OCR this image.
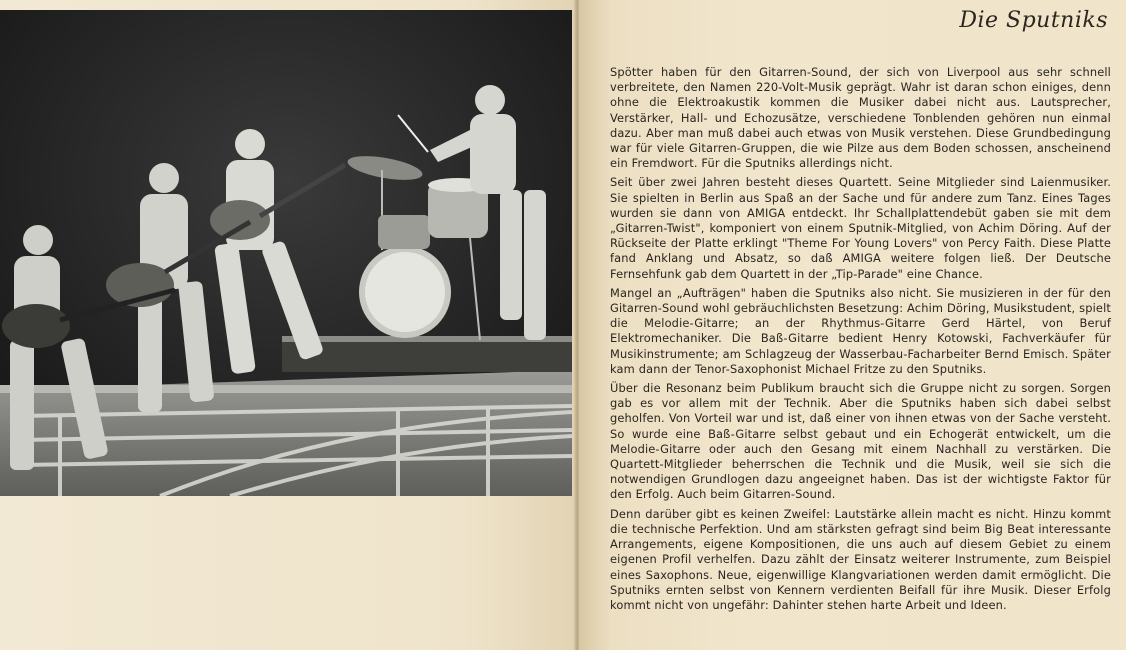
Die Sputniks

Spötter haben für den Gitarren-Sound, der sich von Liverpool aus sehr schnell verbreitete, den Namen 220-Volt-Musik geprägt. Wahr ist daran schon einiges, denn ohne die Elektroakustik kommen die Musiker dabei nicht aus. Lautsprecher, Verstärker, Hall- und Echozusätze, verschiedene Tonblenden gehören nun einmal dazu. Aber man muß dabei auch etwas von Musik verstehen. Diese Grundbedingung war für viele Gitarren-Gruppen, die wie Pilze aus dem Boden schossen, anscheinend ein Fremdwort. Für die Sputniks allerdings nicht.

Seit über zwei Jahren besteht dieses Quartett. Seine Mitglieder sind Laienmusiker. Sie spielten in Berlin aus Spaß an der Sache und für andere zum Tanz. Eines Tages wurden sie dann von AMIGA entdeckt. Ihr Schallplattendebüt gaben sie mit dem „Gitarren-Twist", komponiert von einem Sputnik-Mitglied, von Achim Döring. Auf der Rückseite der Platte erklingt "Theme For Young Lovers" von Percy Faith. Diese Platte fand Anklang und Absatz, so daß AMIGA weitere folgen ließ. Der Deutsche Fernsehfunk gab dem Quartett in der „Tip-Parade" eine Chance.

Mangel an „Aufträgen" haben die Sputniks also nicht. Sie musizieren in der für den Gitarren-Sound wohl gebräuchlichsten Besetzung: Achim Döring, Musikstudent, spielt die Melodie-Gitarre; an der Rhythmus-Gitarre Gerd Härtel, von Beruf Elektromechaniker. Die Baß-Gitarre bedient Henry Kotowski, Fachverkäufer für Musikinstrumente; am Schlagzeug der Wasserbau-Facharbeiter Bernd Emisch. Später kam dann der Tenor-Saxophonist Michael Fritze zu den Sputniks.

Über die Resonanz beim Publikum braucht sich die Gruppe nicht zu sorgen. Sorgen gab es vor allem mit der Technik. Aber die Sputniks haben sich dabei selbst geholfen. Von Vorteil war und ist, daß einer von ihnen etwas von der Sache versteht. So wurde eine Baß-Gitarre selbst gebaut und ein Echogerät entwickelt, um die Melodie-Gitarre oder auch den Gesang mit einem Nachhall zu verstärken. Die Quartett-Mitglieder beherrschen die Technik und die Musik, weil sie sich die notwendigen Grundlogen dazu angeeignet haben. Das ist der wichtigste Faktor für den Erfolg. Auch beim Gitarren-Sound.

Denn darüber gibt es keinen Zweifel: Lautstärke allein macht es nicht. Hinzu kommt die technische Perfektion. Und am stärksten gefragt sind beim Big Beat interessante Arrangements, eigene Kompositionen, die uns auch auf diesem Gebiet zu einem eigenen Profil verhelfen. Dazu zählt der Einsatz weiterer Instrumente, zum Beispiel eines Saxophons. Neue, eigenwillige Klangvariationen werden damit ermöglicht. Die Sputniks ernten selbst von Kennern verdienten Beifall für ihre Musik. Dieser Erfolg kommt nicht von ungefähr: Dahinter stehen harte Arbeit und Ideen.
